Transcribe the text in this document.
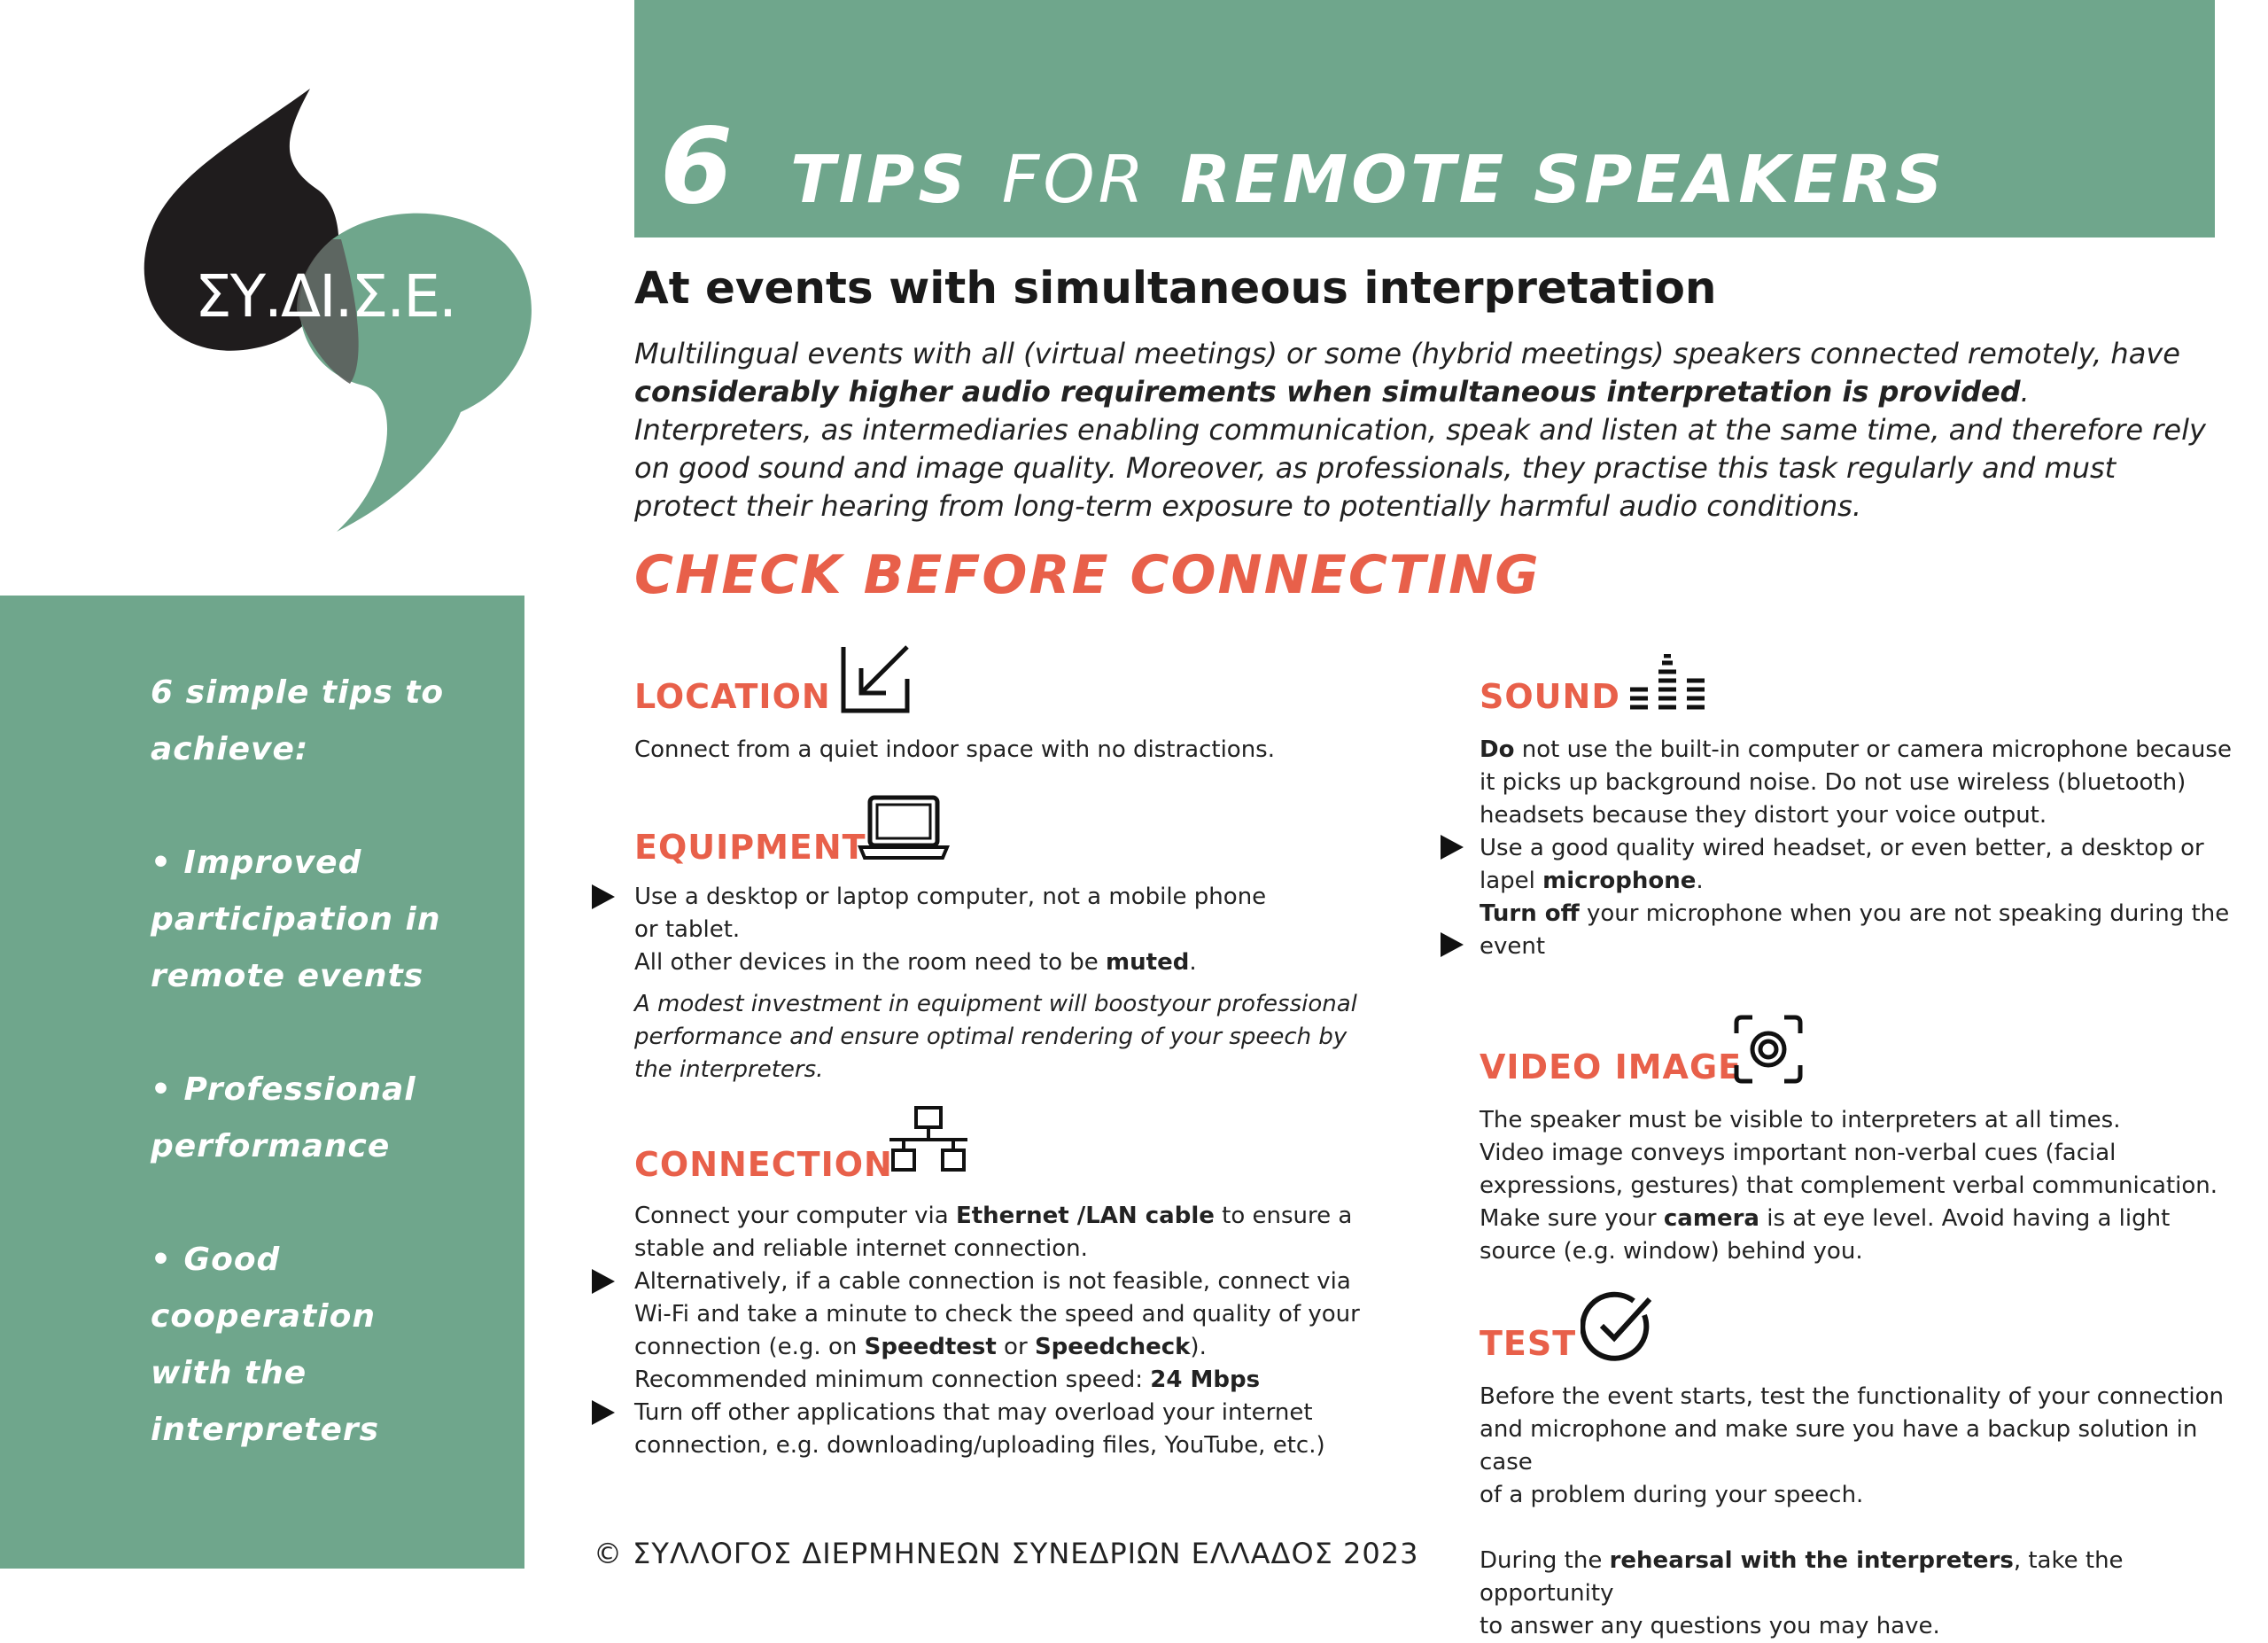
6 TIPS FOR REMOTE SPEAKERS
ΣΥ.ΔΙ.Σ.Ε.

6 simple tips to

achieve:

• Improved

participation in

remote events

• Professional

performance

• Good

cooperation

with the

interpreters

At events with simultaneous interpretation
Multilingual events with all (virtual meetings) or some (hybrid meetings) speakers connected remotely, have considerably higher audio requirements when simultaneous interpretation is provided. Interpreters, as intermediaries enabling communication, speak and listen at the same time, and therefore rely on good sound and image quality. Moreover, as professionals, they practise this task regularly and must protect their hearing from long-term exposure to potentially harmful audio conditions.
CHECK BEFORE CONNECTING
LOCATION
Connect from a quiet indoor space with no distractions.
EQUIPMENT

Use a desktop or laptop computer, not a mobile phone

or tablet.

All other devices in the room need to be muted.

A modest investment in equipment will boostyour professional
performance and ensure optimal rendering of your speech by
the interpreters.

CONNECTION

Connect your computer via Ethernet /LAN cable to ensure a

stable and reliable internet connection.

Alternatively, if a cable connection is not feasible, connect via

Wi-Fi and take a minute to check the speed and quality of your

connection (e.g. on Speedtest or Speedcheck).

Recommended minimum connection speed: 24 Mbps

Turn off other applications that may overload your internet

connection, e.g. downloading/uploading files, YouTube, etc.)

SOUND

Do not use the built-in computer or camera microphone because

it picks up background noise. Do not use wireless (bluetooth)

headsets because they distort your voice output.

Use a good quality wired headset, or even better, a desktop or

lapel microphone.

Turn off your microphone when you are not speaking during the

event

VIDEO IMAGE

The speaker must be visible to interpreters at all times.

Video image conveys important non-verbal cues (facial

expressions, gestures) that complement verbal communication.

Make sure your camera is at eye level. Avoid having a light

source (e.g. window) behind you.

TEST

Before the event starts, test the functionality of your connection

and microphone and make sure you have a backup solution in case

of a problem during your speech.

During the rehearsal with the interpreters, take the opportunity

to answer any questions you may have.

© ΣΥΛΛΟΓΟΣ ΔΙΕΡΜΗΝΕΩΝ ΣΥΝΕΔΡΙΩΝ ΕΛΛΑΔΟΣ 2023
